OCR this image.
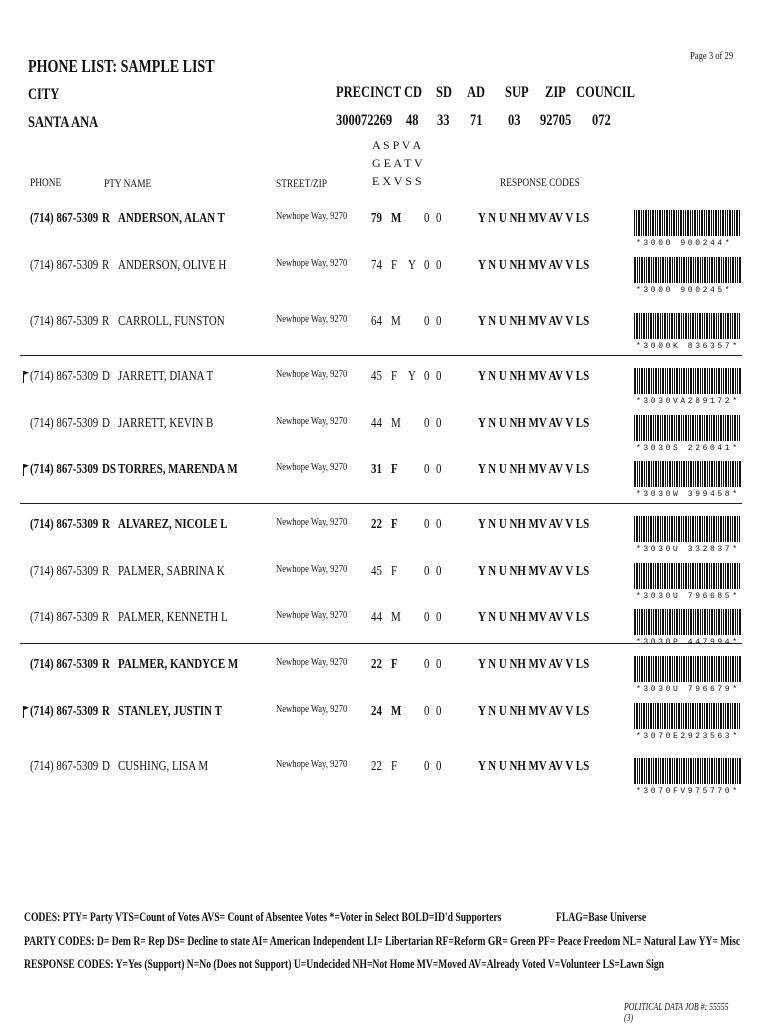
Page 3 of 29
PHONE LIST: SAMPLE LIST
CITY
SANTA ANA
PRECINCT CD SD AD	SUP	ZIP COUNCIL
300072269 48 33 71 03 92705	072
A S P V A
G E A T V
E X V S S
PHONE	PTY NAME	STREET/ZIP	RESPONSE CODES
(714) 867-5309 R ANDERSON, ALAN T	Newhope Way, 9270	79 M 0 0	Y N U NH MV AV V LS
*3000 900244*
(714) 867-5309 R ANDERSON, OLIVE H	Newhope Way, 9270	74 F Y 0 0	Y N U NH MV AV V LS
*3000 900245*
(714) 867-5309 R CARROLL, FUNSTON	Newhope Way, 9270	64 M 0 0	Y N U NH MV AV V LS
*3000K 836357*
(714) 867-5309 D JARRETT, DIANA T	Newhope Way, 9270	45 F Y 0 0	Y N U NH MV AV V LS
*3030VA289172*
(714) 867-5309 D JARRETT, KEVIN B	Newhope Way, 9270	44 M 0 0	Y N U NH MV AV V LS
*3030S 226041*
(714) 867-5309 DS TORRES, MARENDA M	Newhope Way, 9270	31 F 0 0	Y N U NH MV AV V LS
*3030W 399458*
(714) 867-5309 R ALVAREZ, NICOLE L	Newhope Way, 9270	22 F 0 0	Y N U NH MV AV V LS
*3030U 332837*
(714) 867-5309 R PALMER, SABRINA K	Newhope Way, 9270	45 F 0 0	Y N U NH MV AV V LS
*3030U 796685*
(714) 867-5309 R PALMER, KENNETH L	Newhope Way, 9270	44 M 0 0	Y N U NH MV AV V LS
*3030P 447994*
(714) 867-5309 R PALMER, KANDYCE M	Newhope Way, 9270	22 F 0 0	Y N U NH MV AV V LS
*3030U 796679*
(714) 867-5309 R STANLEY, JUSTIN T	Newhope Way, 9270	24 M 0 0	Y N U NH MV AV V LS
*3070E2923563*
(714) 867-5309 D CUSHING, LISA M	Newhope Way, 9270	22 F 0 0	Y N U NH MV AV V LS
*3070FV975770*
CODES: PTY= Party VTS=Count of Votes AVS= Count of Absentee Votes *=Voter in Select BOLD=ID'd Supporters	FLAG=Base Universe
PARTY CODES: D= Dem R= Rep DS= Decline to state AI= American Independent LI= Libertarian RF=Reform GR= Green PF= Peace Freedom NL= Natural Law YY= Misc
RESPONSE CODES: Y=Yes (Support) N=No (Does not Support) U=Undecided NH=Not Home MV=Moved AV=Already Voted V=Volunteer LS=Lawn Sign
POLITICAL DATA JOB #: 55555 (3)
